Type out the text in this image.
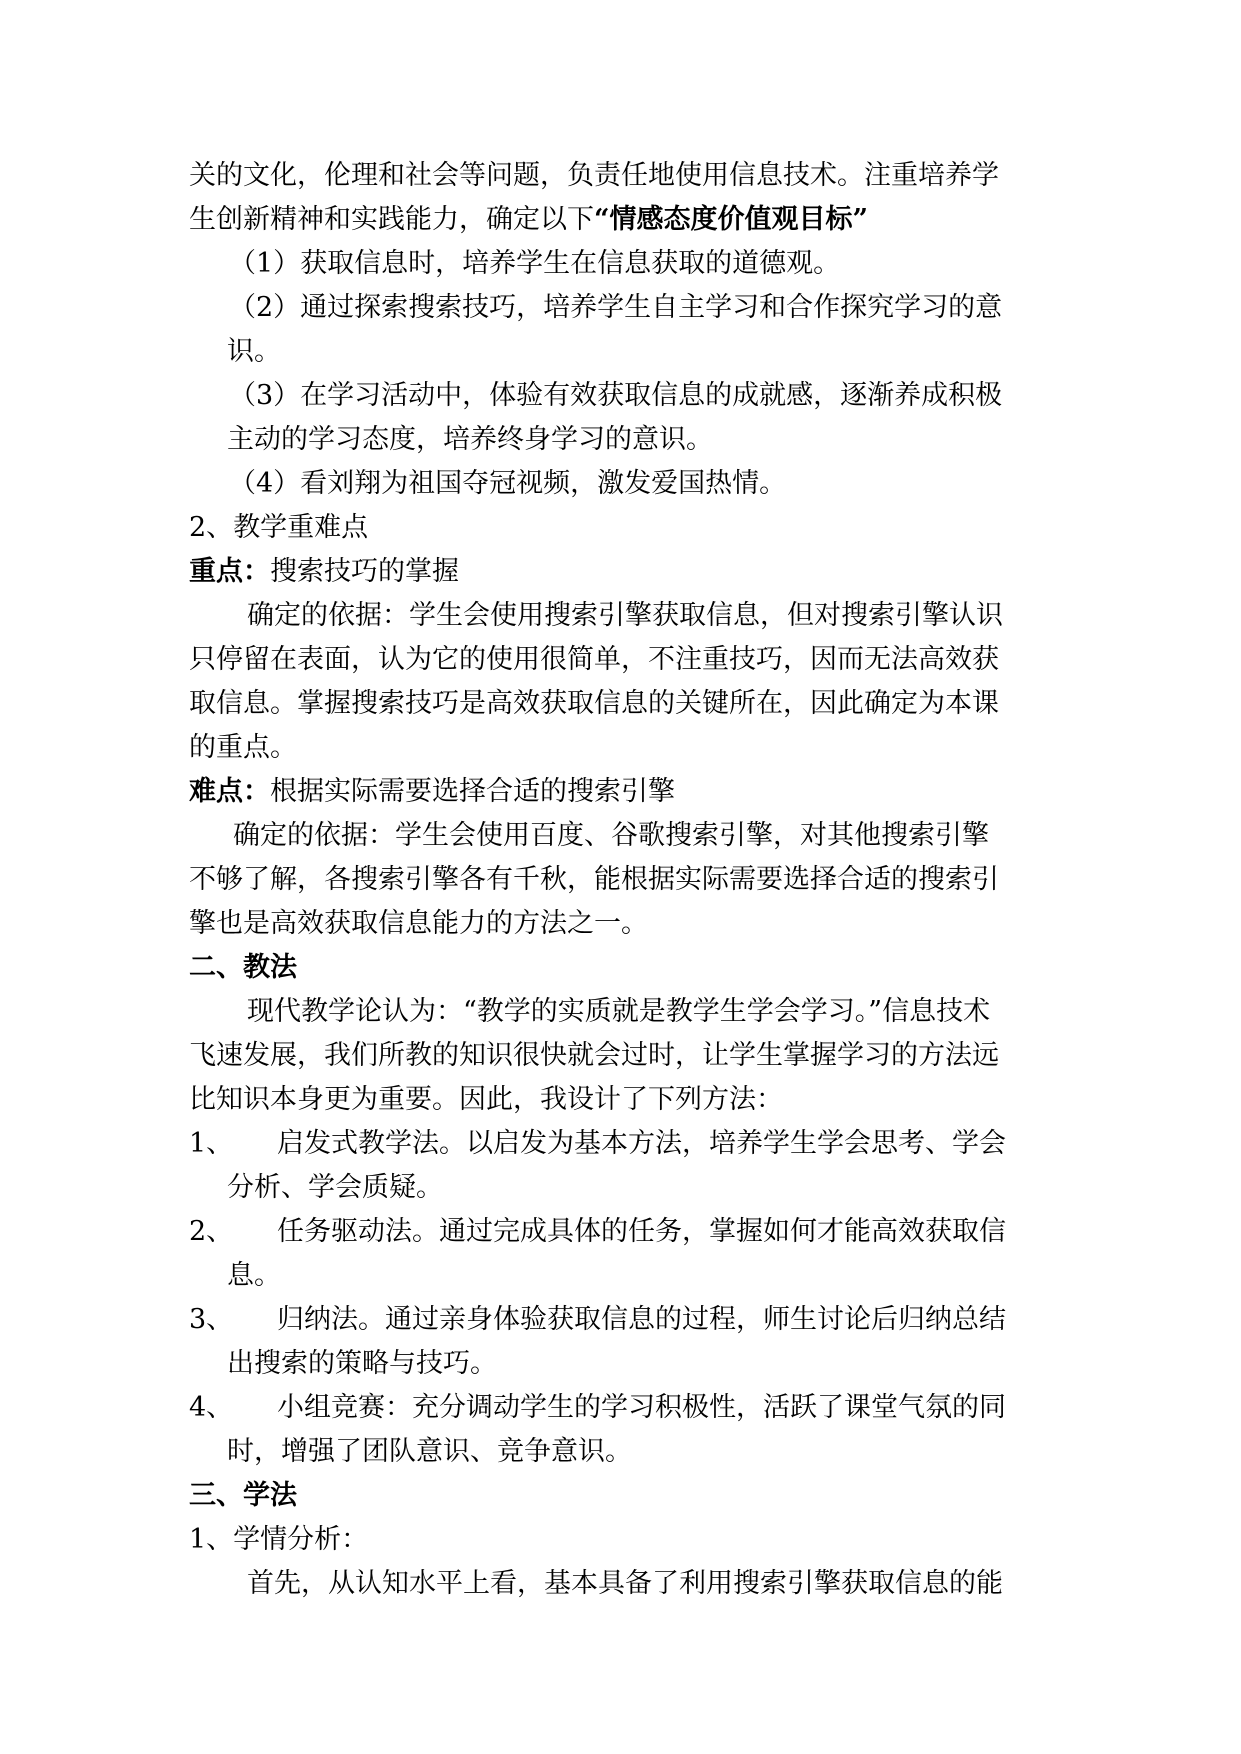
关的文化，伦理和社会等问题，负责任地使用信息技术。注重培养学
生创新精神和实践能力，确定以下“情感态度价值观目标”
（1）获取信息时，培养学生在信息获取的道德观。
（2）通过探索搜索技巧，培养学生自主学习和合作探究学习的意
识。
（3）在学习活动中，体验有效获取信息的成就感，逐渐养成积极
主动的学习态度，培养终身学习的意识。
（4）看刘翔为祖国夺冠视频，激发爱国热情。
2、教学重难点
重点：搜索技巧的掌握
确定的依据：学生会使用搜索引擎获取信息，但对搜索引擎认识
只停留在表面，认为它的使用很简单，不注重技巧，因而无法高效获
取信息。掌握搜索技巧是高效获取信息的关键所在，因此确定为本课
的重点。
难点：根据实际需要选择合适的搜索引擎
确定的依据：学生会使用百度、谷歌搜索引擎，对其他搜索引擎
不够了解，各搜索引擎各有千秋，能根据实际需要选择合适的搜索引
擎也是高效获取信息能力的方法之一。
二、教法
现代教学论认为：“教学的实质就是教学生学会学习。”信息技术
飞速发展，我们所教的知识很快就会过时，让学生掌握学习的方法远
比知识本身更为重要。因此，我设计了下列方法：
1、 启发式教学法。以启发为基本方法，培养学生学会思考、学会
分析、学会质疑。
2、 任务驱动法。通过完成具体的任务，掌握如何才能高效获取信
息。
3、 归纳法。通过亲身体验获取信息的过程，师生讨论后归纳总结
出搜索的策略与技巧。
4、 小组竞赛：充分调动学生的学习积极性，活跃了课堂气氛的同
时，增强了团队意识、竞争意识。
三、学法
1、学情分析：
首先，从认知水平上看，基本具备了利用搜索引擎获取信息的能
